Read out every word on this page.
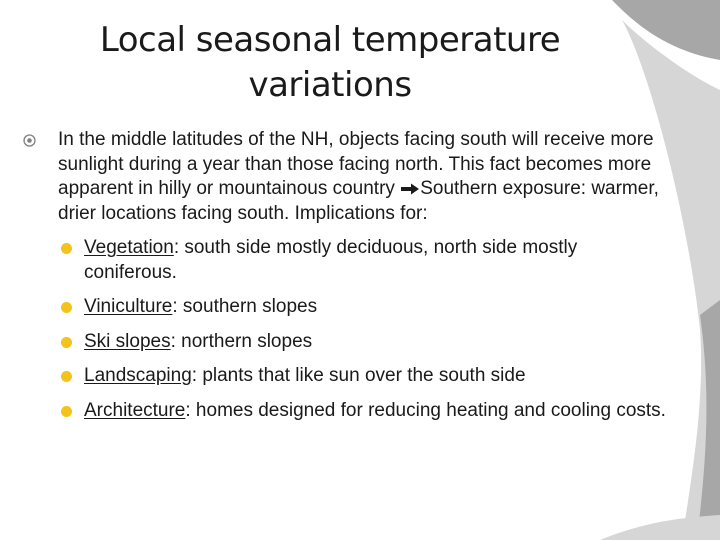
Local seasonal temperature
variations

In the middle latitudes of the NH, objects facing south will receive more sunlight during a year than those facing north. This fact becomes more apparent in hilly or mountainous country Southern exposure: warmer, drier locations facing south. Implications for:

Vegetation: south side mostly deciduous, north side mostly coniferous.
Viniculture: southern slopes
Ski slopes: northern slopes
Landscaping: plants that like sun over the south side
Architecture: homes designed for reducing heating and cooling costs.
